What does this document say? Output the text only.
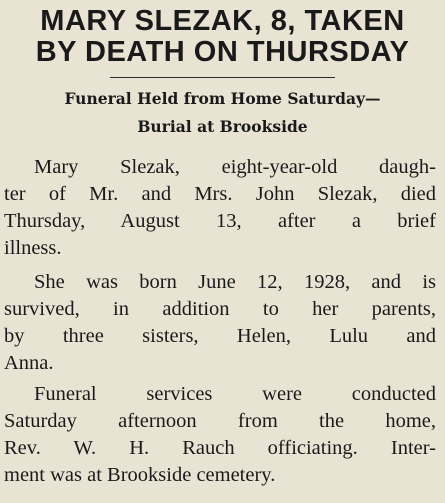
MARY SLEZAK, 8, TAKEN
BY DEATH ON THURSDAY
Funeral Held from Home Saturday—
Burial at Brookside
Mary Slezak, eight-year-old daugh-
ter of Mr. and Mrs. John Slezak, died
Thursday, August 13, after a brief
illness.
She was born June 12, 1928, and is
survived, in addition to her parents,
by three sisters, Helen, Lulu and
Anna.
Funeral services were conducted
Saturday afternoon from the home,
Rev. W. H. Rauch officiating. Inter-
ment was at Brookside cemetery.
